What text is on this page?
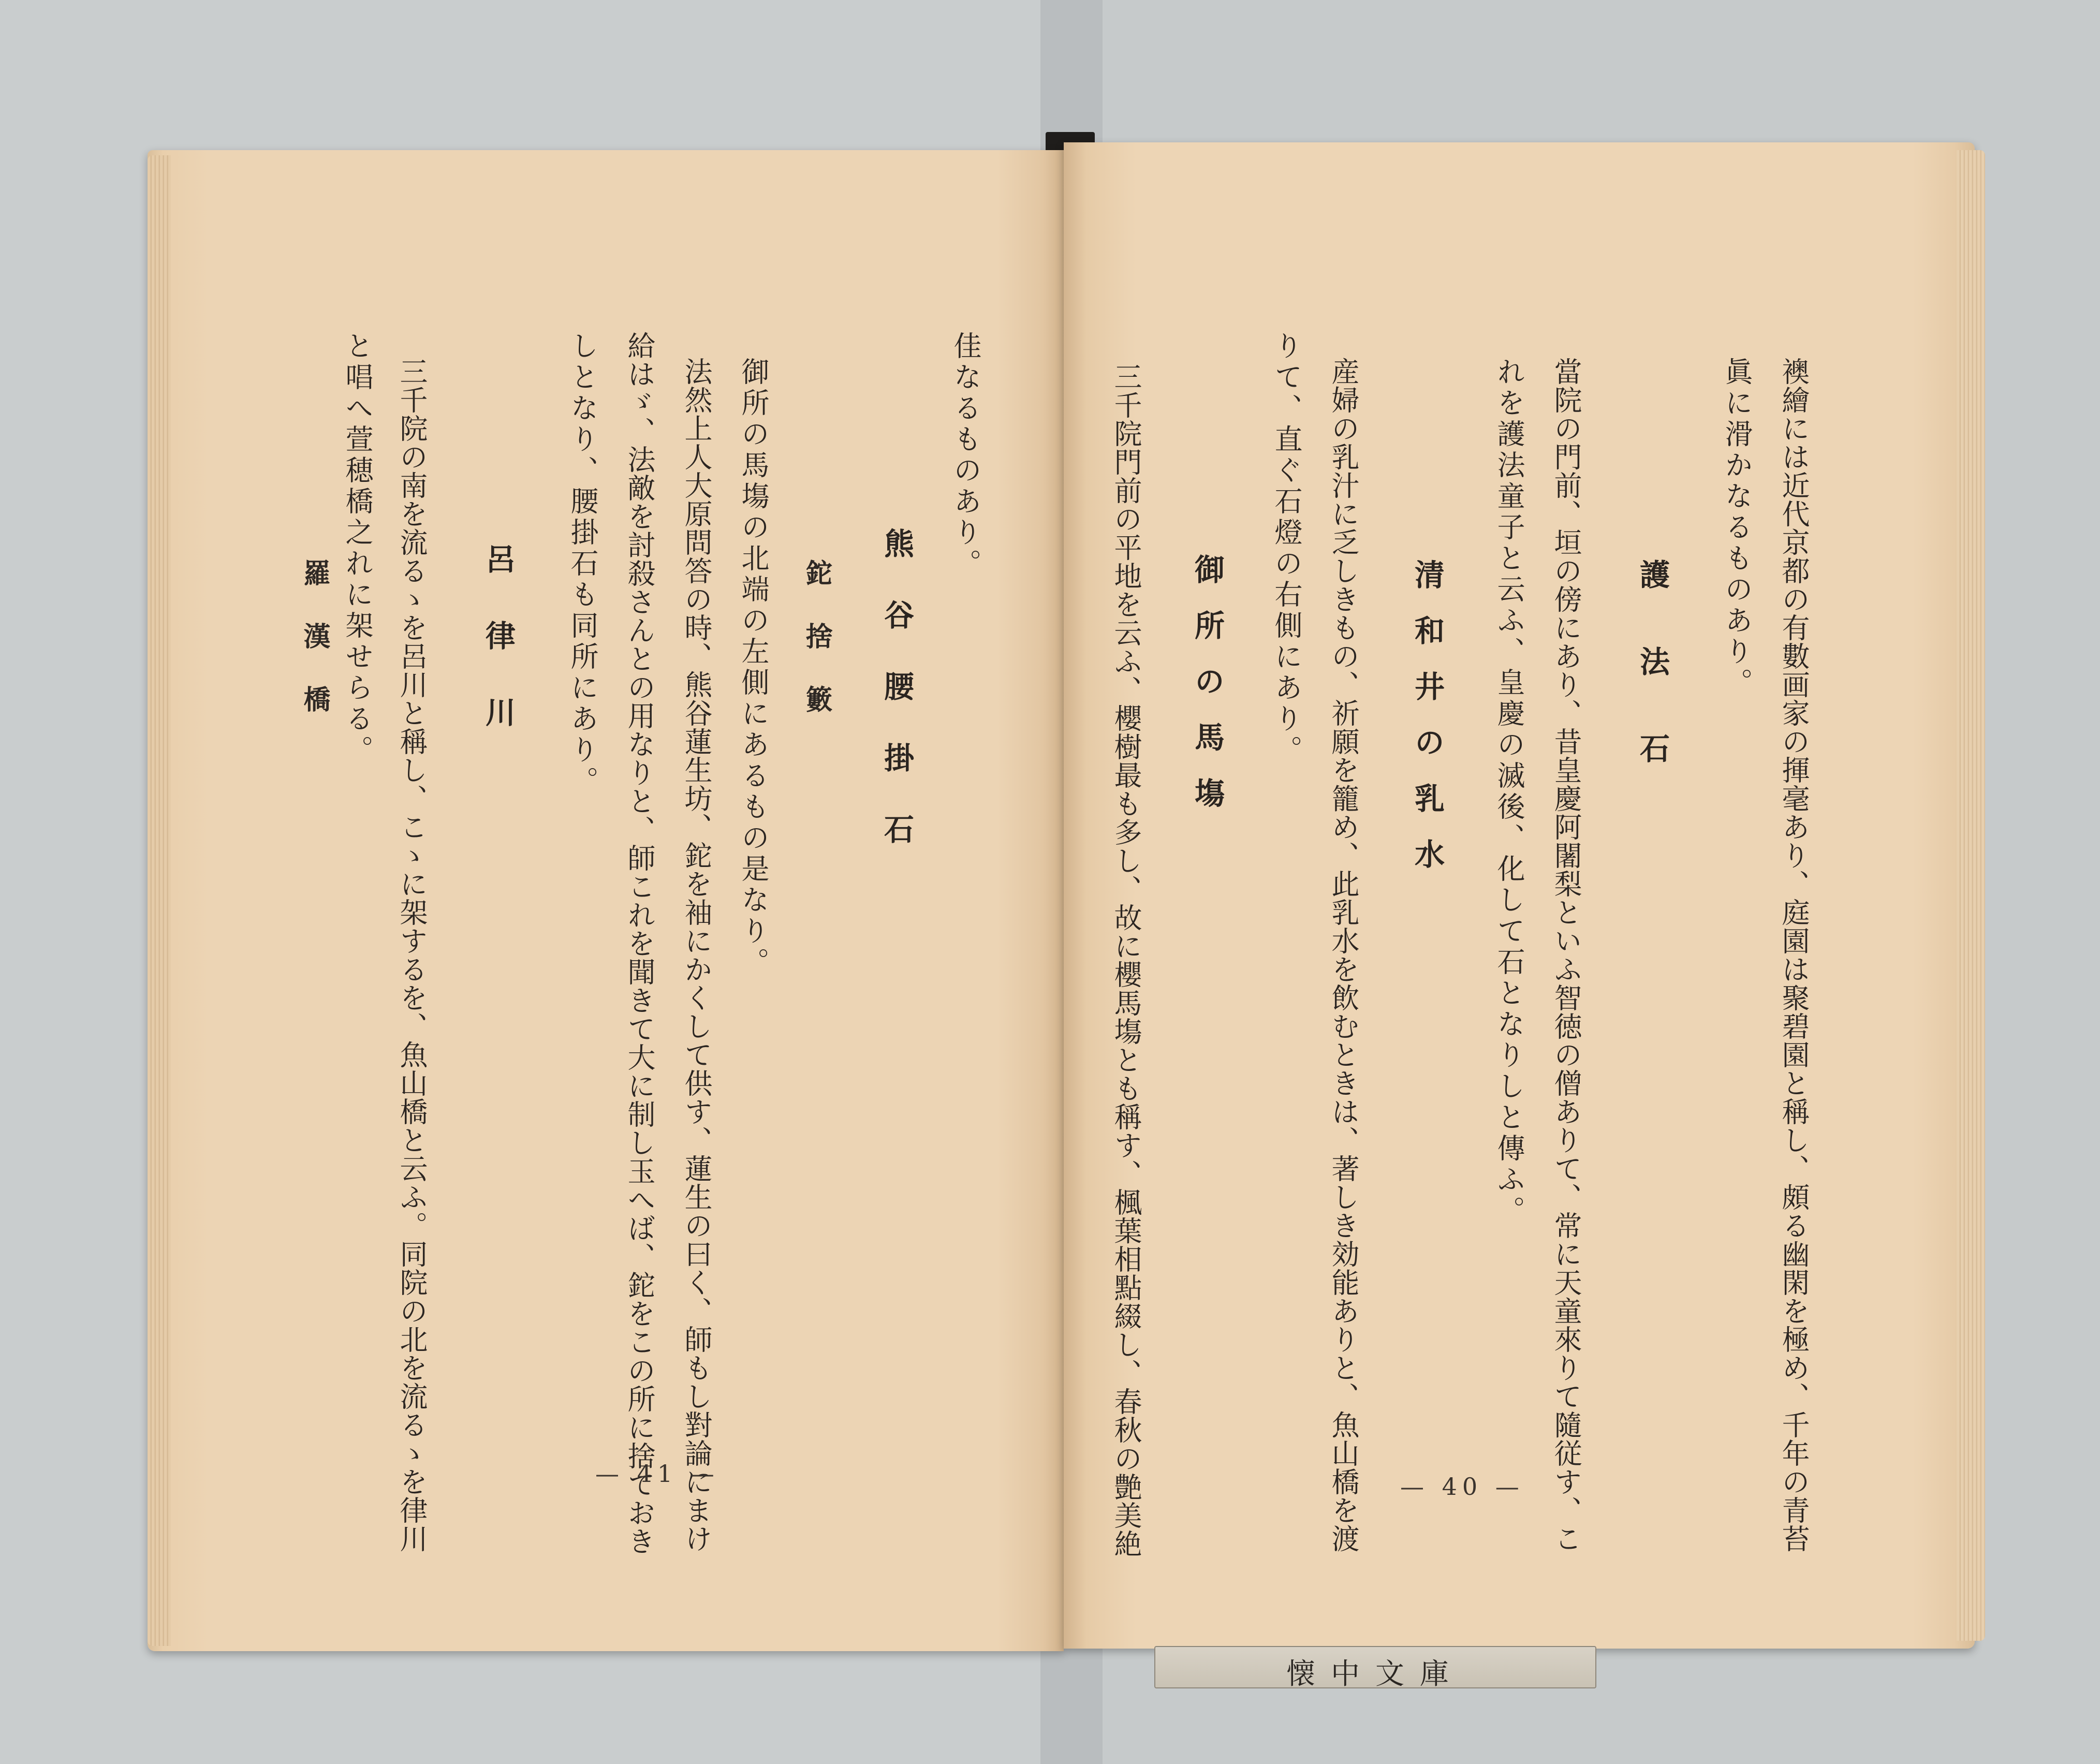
佳なるものあり。
熊谷腰掛石
鉈捨籔
御所の馬塲の北端の左側にあるもの是なり。
法然上人大原問答の時、熊谷蓮生坊、鉈を袖にかくして供す、蓮生の曰く、師もし對論にまけ
給はゞ、法敵を討殺さんとの用なりと、師これを聞きて大に制し玉へば、鉈をこの所に捨ておき
しとなり、腰掛石も同所にあり。
呂律川
三千院の南を流るゝを呂川と稱し、こゝに架するを、魚山橋と云ふ。同院の北を流るゝを律川
と唱へ萱穂橋之れに架せらる。
羅漢橋
— 41 —	襖繪には近代京都の有數画家の揮毫あり、庭園は聚碧園と稱し、頗る幽閑を極め、千年の青苔
眞に滑かなるものあり。
護法石
當院の門前、垣の傍にあり、昔皇慶阿闍梨といふ智徳の僧ありて、常に天童來りて隨従す、こ
れを護法童子と云ふ、皇慶の滅後、化して石となりしと傳ふ。
清和井の乳水
産婦の乳汁に乏しきもの、祈願を籠め、此乳水を飲むときは、著しき効能ありと、魚山橋を渡
りて、直ぐ石燈の右側にあり。
御所の馬塲
三千院門前の平地を云ふ、櫻樹最も多し、故に櫻馬塲とも稱す、楓葉相點綴し、春秋の艶美絶	— 40 —
懐中文庫
